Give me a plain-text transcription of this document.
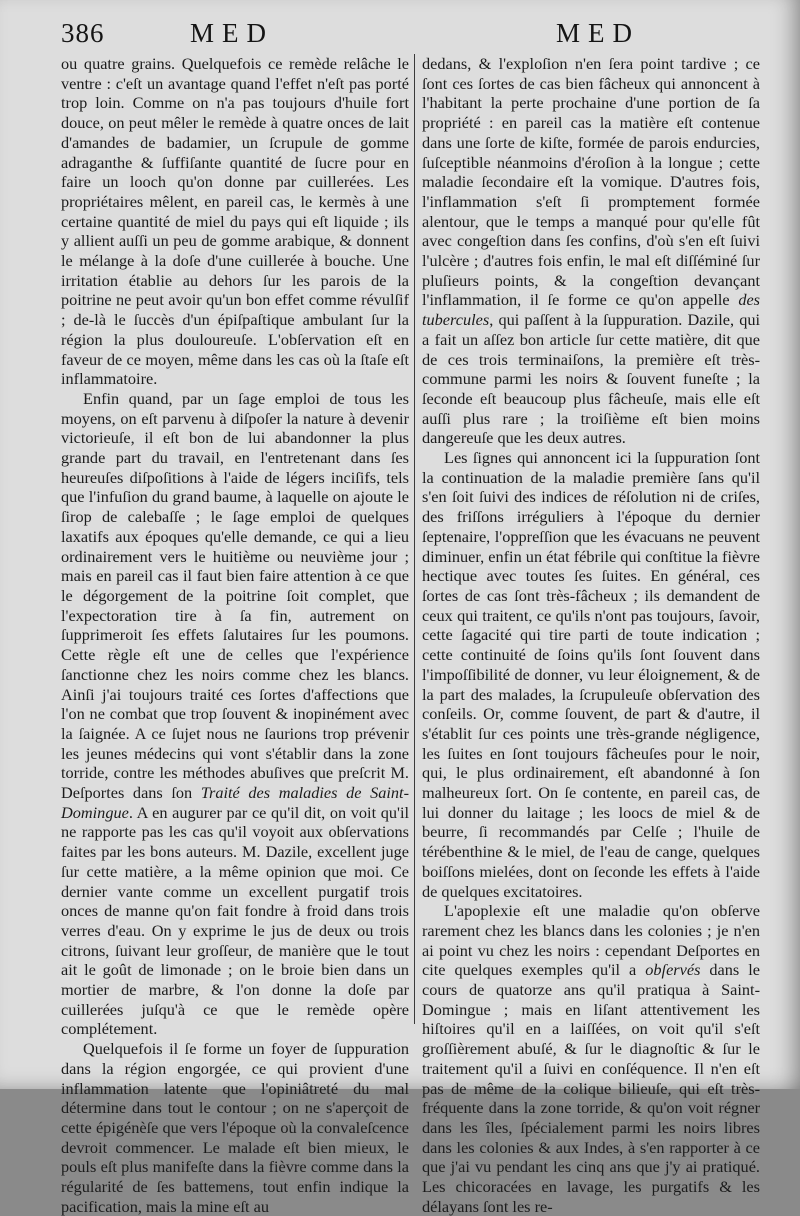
386	MED	MED

ou quatre grains. Quelquefois ce remède relâche le ventre : c'eſt un avantage quand l'effet n'eſt pas porté trop loin. Comme on n'a pas toujours d'huile fort douce, on peut mêler le remède à quatre onces de lait d'amandes de badamier, un ſcrupule de gomme adraganthe & ſuffiſante quantité de ſucre pour en faire un looch qu'on donne par cuillerées. Les propriétaires mêlent, en pareil cas, le kermès à une certaine quantité de miel du pays qui eſt liquide ; ils y allient auſſi un peu de gomme arabique, & donnent le mélange à la doſe d'une cuillerée à bouche. Une irritation établie au dehors ſur les parois de la poitrine ne peut avoir qu'un bon effet comme révulſif ; de-là le ſuccès d'un épiſpaſtique ambulant ſur la région la plus douloureuſe. L'obſervation eſt en faveur de ce moyen, même dans les cas où la ſtaſe eſt inflammatoire.

Enfin quand, par un ſage emploi de tous les moyens, on eſt parvenu à diſpoſer la nature à devenir victorieuſe, il eſt bon de lui abandonner la plus grande part du travail, en l'entretenant dans ſes heureuſes diſpoſitions à l'aide de légers inciſifs, tels que l'infuſion du grand baume, à laquelle on ajoute le ſirop de calebaſſe ; le ſage emploi de quelques laxatifs aux époques qu'elle demande, ce qui a lieu ordinairement vers le huitième ou neuvième jour ; mais en pareil cas il faut bien faire attention à ce que le dégorgement de la poitrine ſoit complet, que l'expectoration tire à ſa fin, autrement on ſupprimeroit ſes effets ſalutaires ſur les poumons. Cette règle eſt une de celles que l'expérience ſanctionne chez les noirs comme chez les blancs. Ainſi j'ai toujours traité ces ſortes d'affections que l'on ne combat que trop ſouvent & inopinément avec la ſaignée. A ce ſujet nous ne ſaurions trop prévenir les jeunes médecins qui vont s'établir dans la zone torride, contre les méthodes abuſives que preſcrit M. Deſportes dans ſon Traité des maladies de Saint-Domingue. A en augurer par ce qu'il dit, on voit qu'il ne rapporte pas les cas qu'il voyoit aux obſervations faites par les bons auteurs. M. Dazile, excellent juge ſur cette matière, a la même opinion que moi. Ce dernier vante comme un excellent purgatif trois onces de manne qu'on fait fondre à froid dans trois verres d'eau. On y exprime le jus de deux ou trois citrons, ſuivant leur groſſeur, de manière que le tout ait le goût de limonade ; on le broie bien dans un mortier de marbre, & l'on donne la doſe par cuillerées juſqu'à ce que le remède opère complétement.

Quelquefois il ſe forme un foyer de ſuppuration dans la région engorgée, ce qui provient d'une inflammation latente que l'opiniâtreté du mal détermine dans tout le contour ; on ne s'aperçoit de cette épigénèſe que vers l'époque où la convaleſcence devroit commencer. Le malade eſt bien mieux, le pouls eſt plus manifeſte dans la fièvre comme dans la régularité de ſes battemens, tout enfin indique la pacification, mais la mine eſt au

dedans, & l'exploſion n'en ſera point tardive ; ce ſont ces ſortes de cas bien fâcheux qui annoncent à l'habitant la perte prochaine d'une portion de ſa propriété : en pareil cas la matière eſt contenue dans une ſorte de kiſte, formée de parois endurcies, ſuſceptible néanmoins d'éroſion à la longue ; cette maladie ſecondaire eſt la vomique. D'autres fois, l'inflammation s'eſt ſi promptement formée alentour, que le temps a manqué pour qu'elle fût avec congeſtion dans ſes confins, d'où s'en eſt ſuivi l'ulcère ; d'autres fois enfin, le mal eſt diſſéminé ſur pluſieurs points, & la congeſtion devançant l'inflammation, il ſe forme ce qu'on appelle des tubercules, qui paſſent à la ſuppuration. Dazile, qui a fait un aſſez bon article ſur cette matière, dit que de ces trois terminaiſons, la première eſt très-commune parmi les noirs & ſouvent funeſte ; la ſeconde eſt beaucoup plus fâcheuſe, mais elle eſt auſſi plus rare ; la troiſième eſt bien moins dangereuſe que les deux autres.

Les ſignes qui annoncent ici la ſuppuration ſont la continuation de la maladie première ſans qu'il s'en ſoit ſuivi des indices de réſolution ni de criſes, des friſſons irréguliers à l'époque du dernier ſeptenaire, l'oppreſſion que les évacuans ne peuvent diminuer, enfin un état fébrile qui conſtitue la fièvre hectique avec toutes ſes ſuites. En général, ces ſortes de cas ſont très-fâcheux ; ils demandent de ceux qui traitent, ce qu'ils n'ont pas toujours, ſavoir, cette ſagacité qui tire parti de toute indication ; cette continuité de ſoins qu'ils ſont ſouvent dans l'impoſſibilité de donner, vu leur éloignement, & de la part des malades, la ſcrupuleuſe obſervation des conſeils. Or, comme ſouvent, de part & d'autre, il s'établit ſur ces points une très-grande négligence, les ſuites en ſont toujours fâcheuſes pour le noir, qui, le plus ordinairement, eſt abandonné à ſon malheureux ſort. On ſe contente, en pareil cas, de lui donner du laitage ; les loocs de miel & de beurre, ſi recommandés par Celſe ; l'huile de térébenthine & le miel, de l'eau de cange, quelques boiſſons mielées, dont on ſeconde les effets à l'aide de quelques excitatoires.

L'apoplexie eſt une maladie qu'on obſerve rarement chez les blancs dans les colonies ; je n'en ai point vu chez les noirs : cependant Deſportes en cite quelques exemples qu'il a obſervés dans le cours de quatorze ans qu'il pratiqua à Saint-Domingue ; mais en liſant attentivement les hiſtoires qu'il en a laiſſées, on voit qu'il s'eſt groſſièrement abuſé, & ſur le diagnoſtic & ſur le traitement qu'il a ſuivi en conſéquence. Il n'en eſt pas de même de la colique bilieuſe, qui eſt très-fréquente dans la zone torride, & qu'on voit régner dans les îles, ſpécialement parmi les noirs libres dans les colonies & aux Indes, à s'en rapporter à ce que j'ai vu pendant les cinq ans que j'y ai pratiqué. Les chicoracées en lavage, les purgatifs & les délayans ſont les re-
